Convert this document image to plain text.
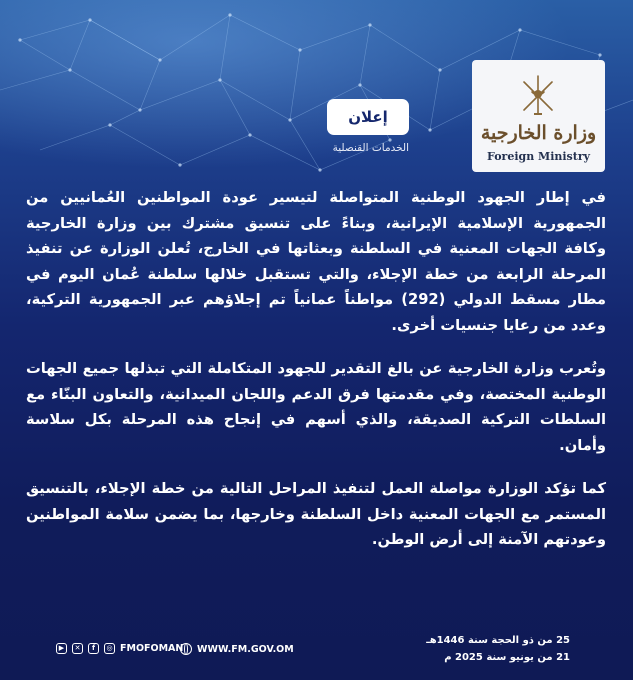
وزارة الخارجية
Foreign Ministry
إعلان
الخدمات القنصلية

في إطار الجهود الوطنية المتواصلة لتيسير عودة المواطنين العُمانيين من الجمهورية الإسلامية الإيرانية، وبناءً على تنسيق مشترك بين وزارة الخارجية وكافة الجهات المعنية في السلطنة وبعثاتها في الخارج، تُعلن الوزارة عن تنفيذ المرحلة الرابعة من خطة الإجلاء، والتي تستقبل خلالها سلطنة عُمان اليوم في مطار مسقط الدولي (292) مواطناً عمانياً تم إجلاؤهم عبر الجمهورية التركية، وعدد من رعايا جنسيات أخرى.

وتُعرب وزارة الخارجية عن بالغ التقدير للجهود المتكاملة التي تبذلها جميع الجهات الوطنية المختصة، وفي مقدمتها فرق الدعم واللجان الميدانية، والتعاون البنّاء مع السلطات التركية الصديقة، والذي أسهم في إنجاح هذه المرحلة بكل سلاسة وأمان.

كما تؤكد الوزارة مواصلة العمل لتنفيذ المراحل التالية من خطة الإجلاء، بالتنسيق المستمر مع الجهات المعنية داخل السلطنة وخارجها، بما يضمن سلامة المواطنين وعودتهم الآمنة إلى أرض الوطن.

25 من ذو الحجة سنة 1446هـ
21 من يونيو سنة 2025 م
▶	✕	f	◎ FMOFOMAN WWW.FM.GOV.OM
